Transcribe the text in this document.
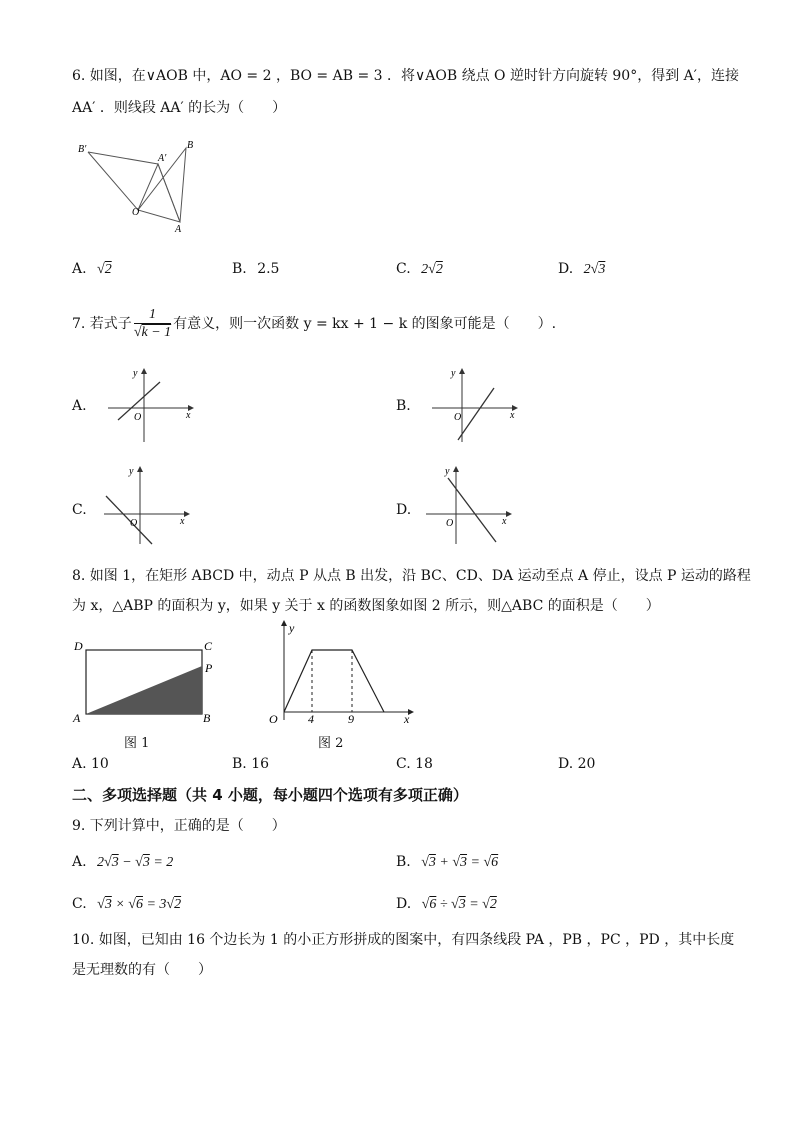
6. 如图，在∨AOB 中，AO = 2 ，BO = AB = 3 ．将∨AOB 绕点 O 逆时针方向旋转 90°，得到 A′，连接
AA′ ．则线段 AA′ 的长为（　　）
B′
A′
B
O
A
A. √2	B. 2.5	C. 2√2	D. 2√3
7. 若式子 $\frac{1}{√k - 1}$ 有意义，则一次函数 y = kx + 1 − k 的图象可能是（　　）.
A.
y
O	x
B.
y
O	x
C.
y
O	x
D.
y
O	x
8. 如图 1，在矩形 ABCD 中，动点 P 从点 B 出发，沿 BC、CD、DA 运动至点 A 停止，设点 P 运动的路程
为 x，△ABP 的面积为 y，如果 y 关于 x 的函数图象如图 2 所示，则△ABC 的面积是（　　）
D	C
P
A	B
图 1
y
O	4	9	x
图 2
A. 10	B. 16	C. 18	D. 20
二、多项选择题（共 4 小题，每小题四个选项有多项正确）
9. 下列计算中，正确的是（　　）
A. 2√3 − √3 = 2	B. √3 + √3 = √6
C. √3 × √6 = 3√2	D. √6 ÷ √3 = √2
10. 如图，已知由 16 个边长为 1 的小正方形拼成的图案中，有四条线段 PA ，PB ，PC ，PD ，其中长度
是无理数的有（　　）
